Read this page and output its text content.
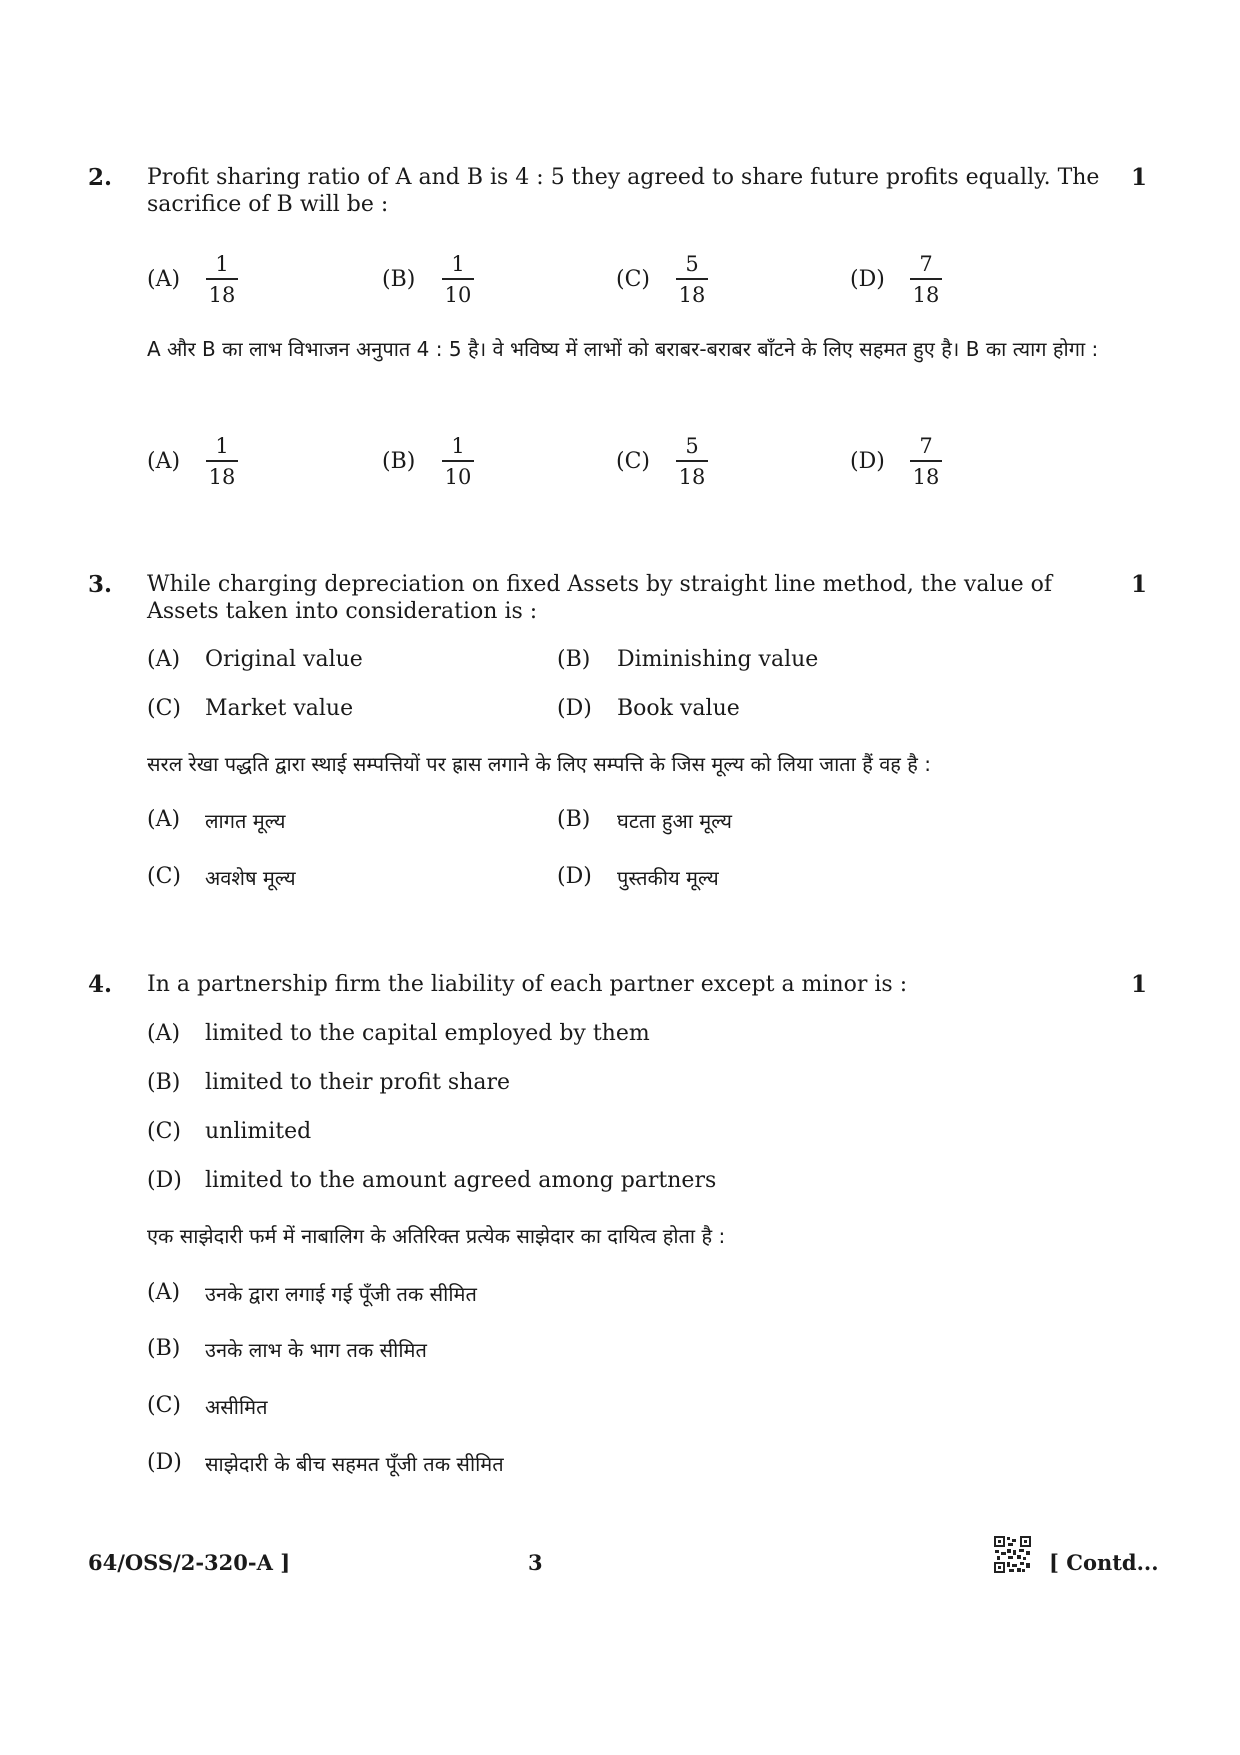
2. Profit sharing ratio of A and B is 4 : 5 they agreed to share future profits equally. The sacrifice of B will be :
1
(A)
1
18
(B)
1
10
(C)
5
18
(D)
7
18
A और B का लाभ विभाजन अनुपात 4 : 5 है। वे भविष्य में लाभों को बराबर-बराबर बाँटने के लिए सहमत हुए है। B का त्याग होगा :
(A)
1
18
(B)
1
10
(C)
5
18
(D)
7
18
3. While charging depreciation on fixed Assets by straight line method, the value of Assets taken into consideration is :
1
(A) Original value	(B) Diminishing value
(C) Market value	(D) Book value
सरल रेखा पद्धति द्वारा स्थाई सम्पत्तियों पर ह्रास लगाने के लिए सम्पत्ति के जिस मूल्य को लिया जाता हैं वह है :
(A) लागत मूल्य	(B) घटता हुआ मूल्य
(C) अवशेष मूल्य	(D) पुस्तकीय मूल्य
4. In a partnership firm the liability of each partner except a minor is :	1
(A) limited to the capital employed by them
(B) limited to their profit share
(C) unlimited
(D) limited to the amount agreed among partners
एक साझेदारी फर्म में नाबालिग के अतिरिक्त प्रत्येक साझेदार का दायित्व होता है :
(A) उनके द्वारा लगाई गई पूँजी तक सीमित
(B) उनके लाभ के भाग तक सीमित
(C) असीमित
(D) साझेदारी के बीच सहमत पूँजी तक सीमित
64/OSS/2-320-A ]	3	[ Contd...
